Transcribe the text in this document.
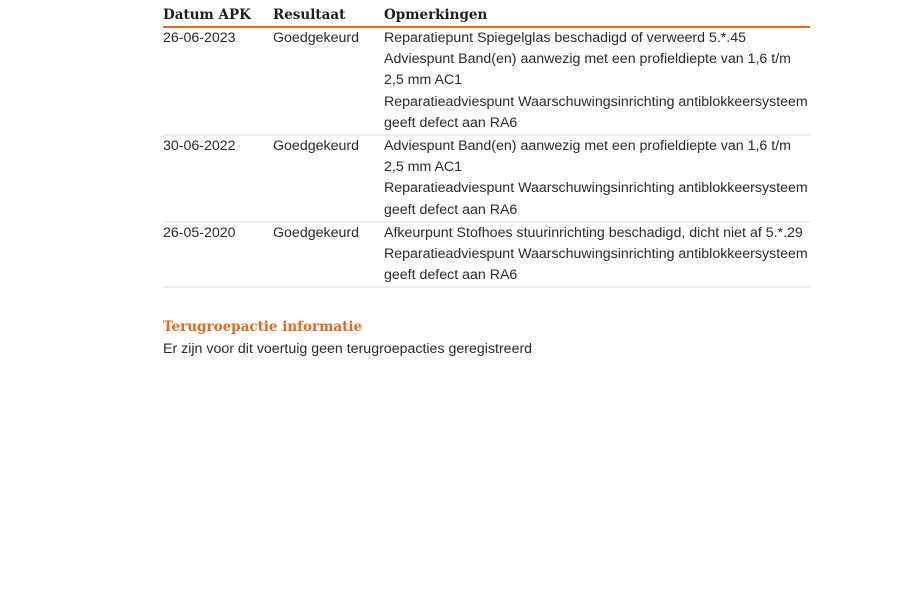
Datum APK	Resultaat	Opmerkingen
26-06-2023	Goedgekeurd	Reparatiepunt Spiegelglas beschadigd of verweerd 5.*.45
Adviespunt Band(en) aanwezig met een profieldiepte van 1,6 t/m
2,5 mm AC1
Reparatieadviespunt Waarschuwingsinrichting antiblokkeersysteem
geeft defect aan RA6

30-06-2022	Goedgekeurd	Adviespunt Band(en) aanwezig met een profieldiepte van 1,6 t/m
2,5 mm AC1
Reparatieadviespunt Waarschuwingsinrichting antiblokkeersysteem
geeft defect aan RA6

26-05-2020	Goedgekeurd	Afkeurpunt Stofhoes stuurinrichting beschadigd, dicht niet af 5.*.29
Reparatieadviespunt Waarschuwingsinrichting antiblokkeersysteem
geeft defect aan RA6
Terugroepactie informatie

Er zijn voor dit voertuig geen terugroepacties geregistreerd
